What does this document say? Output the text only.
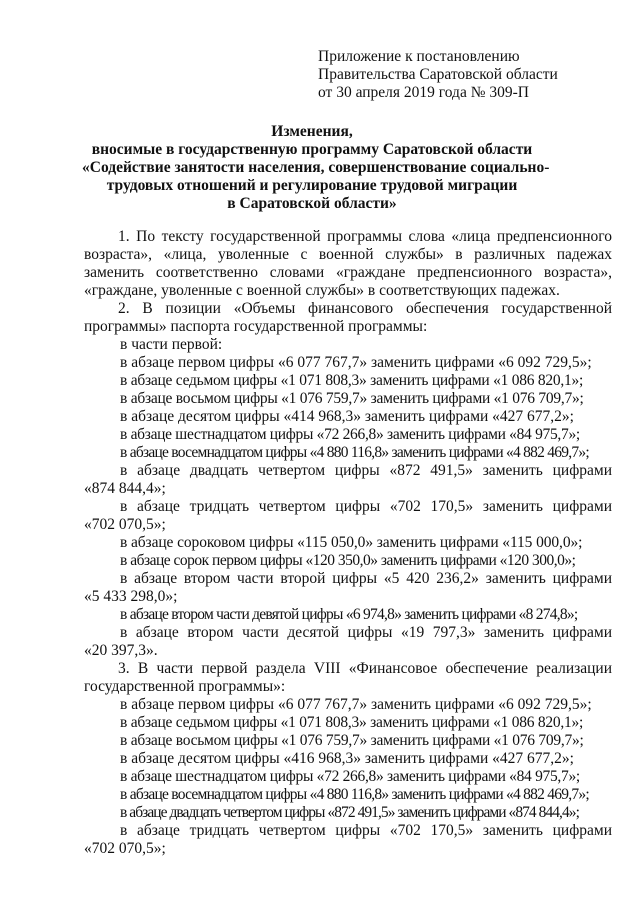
Приложение к постановлению
Правительства Саратовской области
от 30 апреля 2019 года № 309-П
Изменения,
вносимые в государственную программу Саратовской области
«Содействие занятости населения, совершенствование социально-
трудовых отношений и регулирование трудовой миграции
в Саратовской области»

1. По тексту государственной программы слова «лица предпенсионного

возраста», «лица, уволенные с военной службы» в различных падежах

заменить соответственно словами «граждане предпенсионного возраста»,

«граждане, уволенные с военной службы» в соответствующих падежах.

2. В позиции «Объемы финансового обеспечения государственной

программы» паспорта государственной программы:

в части первой:

в абзаце первом цифры «6 077 767,7» заменить цифрами «6 092 729,5»;

в абзаце седьмом цифры «1 071 808,3» заменить цифрами «1 086 820,1»;

в абзаце восьмом цифры «1 076 759,7» заменить цифрами «1 076 709,7»;

в абзаце десятом цифры «414 968,3» заменить цифрами «427 677,2»;

в абзаце шестнадцатом цифры «72 266,8» заменить цифрами «84 975,7»;

в абзаце восемнадцатом цифры «4 880 116,8» заменить цифрами «4 882 469,7»;

в абзаце двадцать четвертом цифры «872 491,5» заменить цифрами

«874 844,4»;

в абзаце тридцать четвертом цифры «702 170,5» заменить цифрами

«702 070,5»;

в абзаце сороковом цифры «115 050,0» заменить цифрами «115 000,0»;

в абзаце сорок первом цифры «120 350,0» заменить цифрами «120 300,0»;

в абзаце втором части второй цифры «5 420 236,2» заменить цифрами

«5 433 298,0»;

в абзаце втором части девятой цифры «6 974,8» заменить цифрами «8 274,8»;

в абзаце втором части десятой цифры «19 797,3» заменить цифрами

«20 397,3».

3. В части первой раздела VIII «Финансовое обеспечение реализации

государственной программы»:

в абзаце первом цифры «6 077 767,7» заменить цифрами «6 092 729,5»;

в абзаце седьмом цифры «1 071 808,3» заменить цифрами «1 086 820,1»;

в абзаце восьмом цифры «1 076 759,7» заменить цифрами «1 076 709,7»;

в абзаце десятом цифры «416 968,3» заменить цифрами «427 677,2»;

в абзаце шестнадцатом цифры «72 266,8» заменить цифрами «84 975,7»;

в абзаце восемнадцатом цифры «4 880 116,8» заменить цифрами «4 882 469,7»;

в абзаце двадцать четвертом цифры «872 491,5» заменить цифрами «874 844,4»;

в абзаце тридцать четвертом цифры «702 170,5» заменить цифрами

«702 070,5»;
